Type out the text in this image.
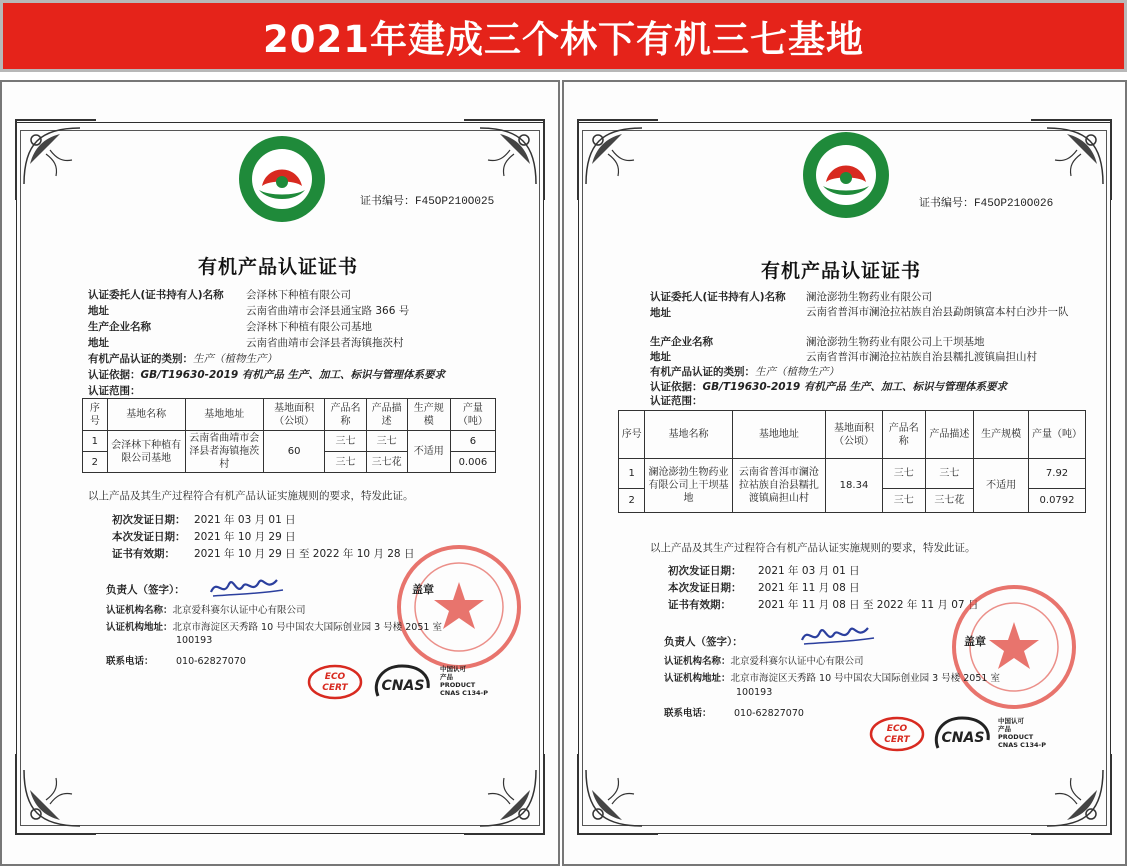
2021年建成三个林下有机三七基地
证书编号：F45OP210O025
有机产品认证证书
认证委托人(证书持有人)名称 会泽林下种植有限公司
地址	云南省曲靖市会泽县通宝路 366 号
生产企业名称	会泽林下种植有限公司基地
地址	云南省曲靖市会泽县者海镇拖茨村
有机产品认证的类别：生产（植物生产）
认证依据：GB/T19630-2019 有机产品 生产、加工、标识与管理体系要求
认证范围：
序号	基地名称	基地地址	基地面积（公顷）	产品名称	产品描述	生产规模	产量（吨）
1	会泽林下种植有限公司基地	云南省曲靖市会泽县者海镇拖茨村	60	三七	三七	不适用	6
2				三七	三七花		0.006
以上产品及其生产过程符合有机产品认证实施规则的要求，特发此证。
初次发证日期： 2021 年 03 月 01 日
本次发证日期： 2021 年 10 月 29 日
证书有效期： 2021 年 10 月 29 日 至 2022 年 10 月 28 日
负责人（签字）：	盖章
认证机构名称：北京爱科赛尔认证中心有限公司
认证机构地址：北京市海淀区天秀路 10 号中国农大国际创业园 3 号楼 2051 室
100193
联系电话： 010-62827070
ECO
CERT CNAS
中国认可
产品
PRODUCT
CNAS C134-P
证书编号：F45OP210O026
有机产品认证证书
认证委托人(证书持有人)名称 澜沧澎勃生物药业有限公司
地址	云南省普洱市澜沧拉祜族自治县勐朗镇富本村白沙井一队
生产企业名称	澜沧澎勃生物药业有限公司上干坝基地
地址	云南省普洱市澜沧拉祜族自治县糯扎渡镇扁担山村
有机产品认证的类别：生产（植物生产）
认证依据：GB/T19630-2019 有机产品 生产、加工、标识与管理体系要求
认证范围：
序号	基地名称	基地地址	基地面积（公顷）	产品名称	产品描述	生产规模	产量（吨）
1	澜沧澎勃生物药业有限公司上干坝基地	云南省普洱市澜沧拉祜族自治县糯扎渡镇扁担山村	18.34	三七	三七	不适用	7.92
2				三七	三七花		0.0792
以上产品及其生产过程符合有机产品认证实施规则的要求，特发此证。
初次发证日期： 2021 年 03 月 01 日
本次发证日期： 2021 年 11 月 08 日
证书有效期：	2021 年 11 月 08 日 至 2022 年 11 月 07 日
负责人（签字）：	盖章
认证机构名称：北京爱科赛尔认证中心有限公司
认证机构地址：北京市海淀区天秀路 10 号中国农大国际创业园 3 号楼 2051 室
100193
联系电话： 010-62827070
ECO
CERT CNAS
中国认可
产品
PRODUCT
CNAS C134-P
